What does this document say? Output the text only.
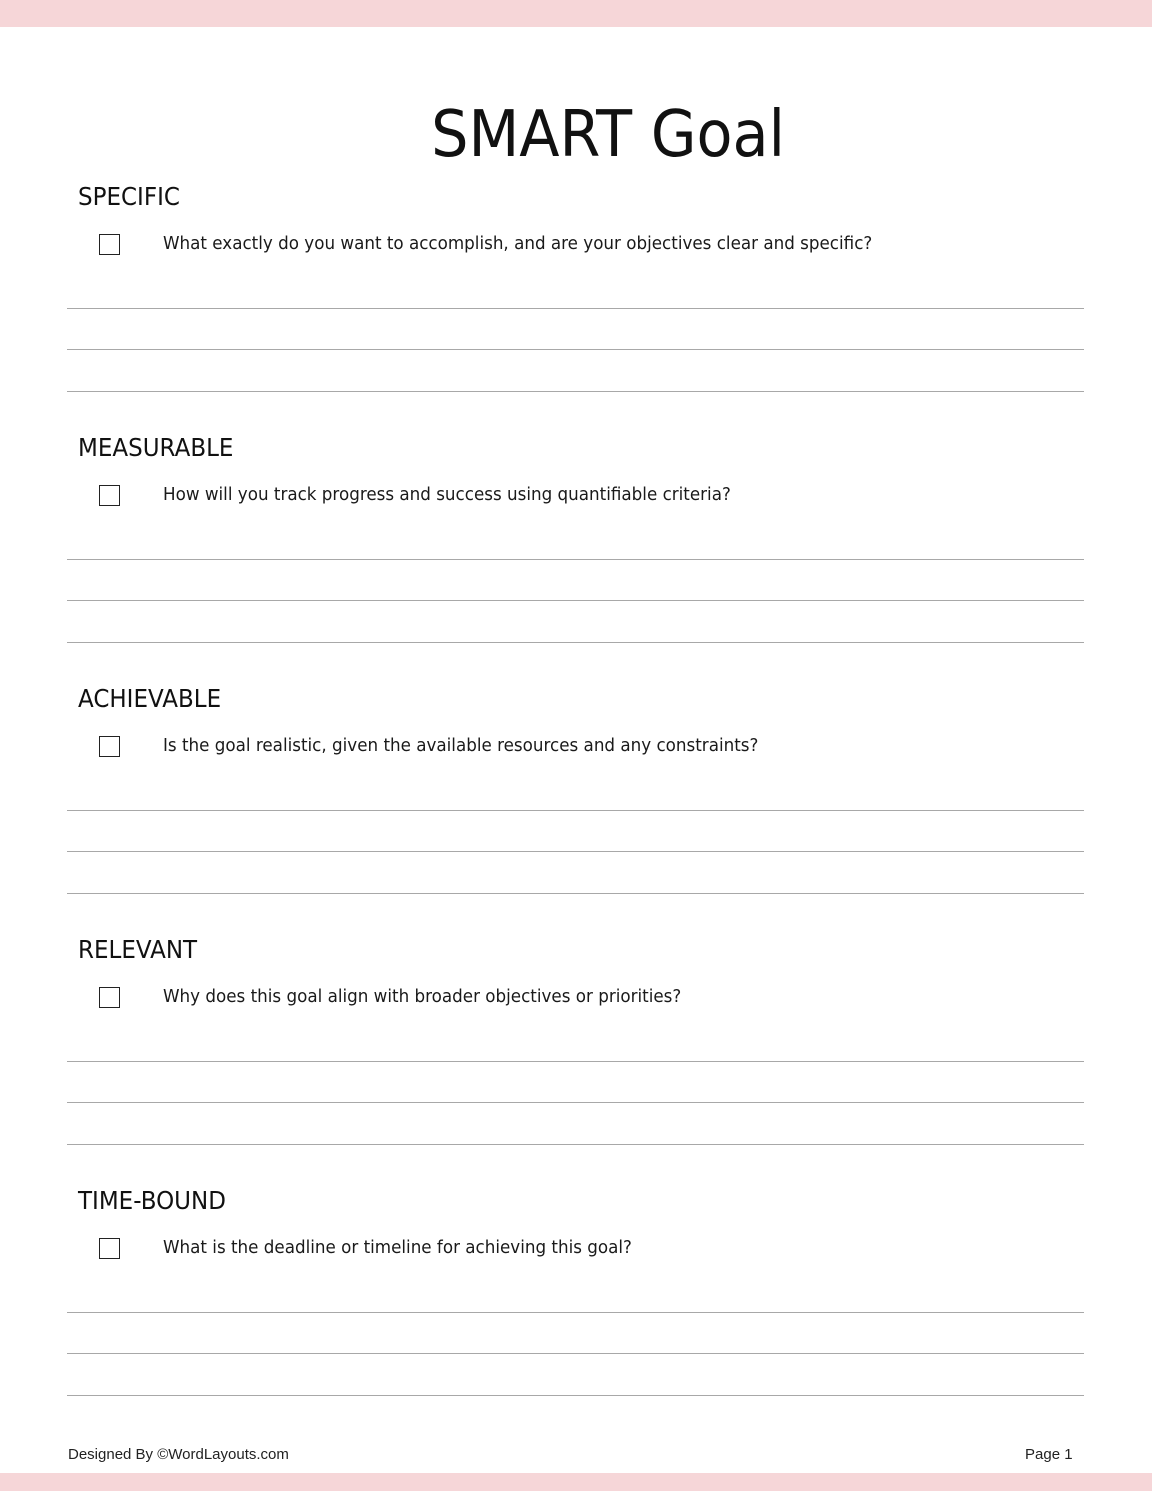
SMART Goal
SPECIFIC
What exactly do you want to accomplish, and are your objectives clear and specific?
MEASURABLE
How will you track progress and success using quantifiable criteria?
ACHIEVABLE
Is the goal realistic, given the available resources and any constraints?
RELEVANT
Why does this goal align with broader objectives or priorities?
TIME-BOUND
What is the deadline or timeline for achieving this goal?
Designed By ©WordLayouts.com	Page 1
